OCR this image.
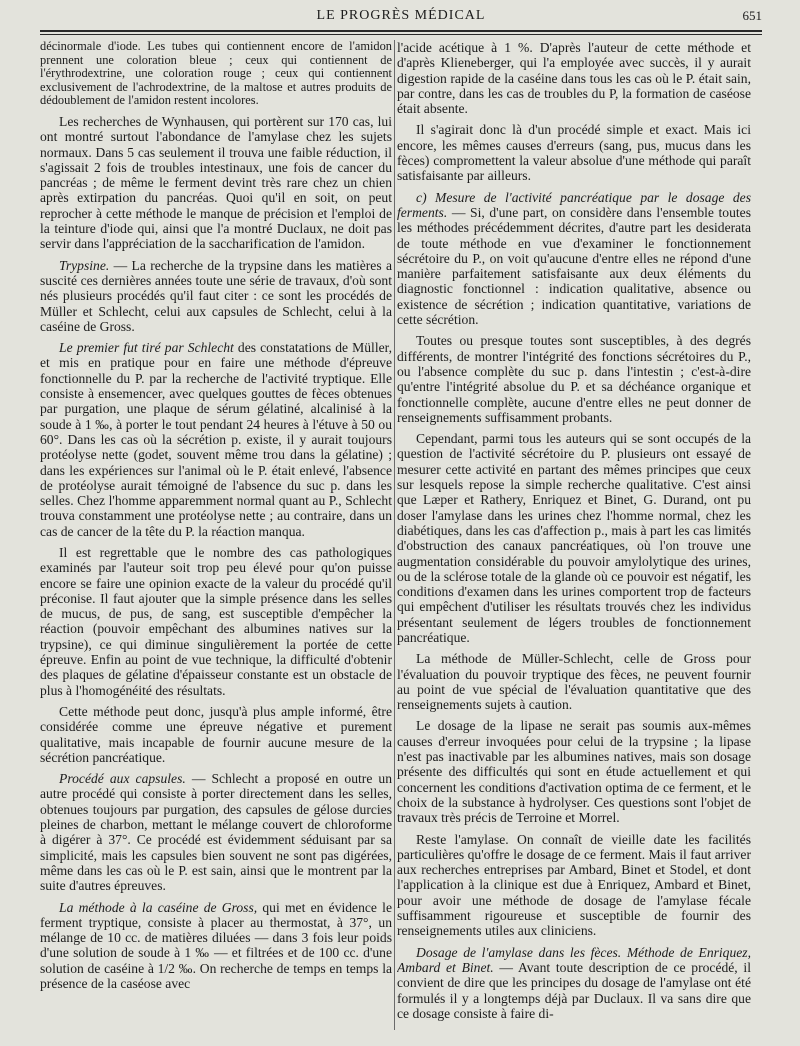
LE PROGRÈS MÉDICAL	651

décinormale d'iode. Les tubes qui contiennent encore de l'amidon prennent une coloration bleue ; ceux qui contiennent de l'érythrodextrine, une coloration rouge ; ceux qui contiennent exclusivement de l'achrodextrine, de la maltose et autres produits de dédoublement de l'amidon restent incolores.

Les recherches de Wynhausen, qui portèrent sur 170 cas, lui ont montré surtout l'abondance de l'amylase chez les sujets normaux. Dans 5 cas seulement il trouva une faible réduction, il s'agissait 2 fois de troubles intestinaux, une fois de cancer du pancréas ; de même le ferment devint très rare chez un chien après extirpation du pancréas. Quoi qu'il en soit, on peut reprocher à cette méthode le manque de précision et l'emploi de la teinture d'iode qui, ainsi que l'a montré Duclaux, ne doit pas servir dans l'appréciation de la saccharification de l'amidon.

Trypsine. — La recherche de la trypsine dans les matières a suscité ces dernières années toute une série de travaux, d'où sont nés plusieurs procédés qu'il faut citer : ce sont les procédés de Müller et Schlecht, celui aux capsules de Schlecht, celui à la caséine de Gross.

Le premier fut tiré par Schlecht des constatations de Müller, et mis en pratique pour en faire une méthode d'épreuve fonctionnelle du P. par la recherche de l'activité tryptique. Elle consiste à ensemencer, avec quelques gouttes de fèces obtenues par purgation, une plaque de sérum gélatiné, alcalinisé à la soude à 1 ‰, à porter le tout pendant 24 heures à l'étuve à 50 ou 60°. Dans les cas où la sécrétion p. existe, il y aurait toujours protéolyse nette (godet, souvent même trou dans la gélatine) ; dans les expériences sur l'animal où le P. était enlevé, l'absence de protéolyse aurait témoigné de l'absence du suc p. dans les selles. Chez l'homme apparemment normal quant au P., Schlecht trouva constamment une protéolyse nette ; au contraire, dans un cas de cancer de la tête du P. la réaction manqua.

Il est regrettable que le nombre des cas pathologiques examinés par l'auteur soit trop peu élevé pour qu'on puisse encore se faire une opinion exacte de la valeur du procédé qu'il préconise. Il faut ajouter que la simple présence dans les selles de mucus, de pus, de sang, est susceptible d'empêcher la réaction (pouvoir empêchant des albumines natives sur la trypsine), ce qui diminue singulièrement la portée de cette épreuve. Enfin au point de vue technique, la difficulté d'obtenir des plaques de gélatine d'épaisseur constante est un obstacle de plus à l'homogénéité des résultats.

Cette méthode peut donc, jusqu'à plus ample informé, être considérée comme une épreuve négative et purement qualitative, mais incapable de fournir aucune mesure de la sécrétion pancréatique.

Procédé aux capsules. — Schlecht a proposé en outre un autre procédé qui consiste à porter directement dans les selles, obtenues toujours par purgation, des capsules de gélose durcies pleines de charbon, mettant le mélange couvert de chloroforme à digérer à 37°. Ce procédé est évidemment séduisant par sa simplicité, mais les capsules bien souvent ne sont pas digérées, même dans les cas où le P. est sain, ainsi que le montrent par la suite d'autres épreuves.

La méthode à la caséine de Gross, qui met en évidence le ferment tryptique, consiste à placer au thermostat, à 37°, un mélange de 10 cc. de matières diluées — dans 3 fois leur poids d'une solution de soude à 1 ‰ — et filtrées et de 100 cc. d'une solution de caséine à 1/2 ‰. On recherche de temps en temps la présence de la caséose avec

l'acide acétique à 1 %. D'après l'auteur de cette méthode et d'après Klieneberger, qui l'a employée avec succès, il y aurait digestion rapide de la caséine dans tous les cas où le P. était sain, par contre, dans les cas de troubles du P, la formation de caséose était absente.

Il s'agirait donc là d'un procédé simple et exact. Mais ici encore, les mêmes causes d'erreurs (sang, pus, mucus dans les fèces) compromettent la valeur absolue d'une méthode qui paraît satisfaisante par ailleurs.

c) Mesure de l'activité pancréatique par le dosage des ferments. — Si, d'une part, on considère dans l'ensemble toutes les méthodes précédemment décrites, d'autre part les desiderata de toute méthode en vue d'examiner le fonctionnement sécrétoire du P., on voit qu'aucune d'entre elles ne répond d'une manière parfaitement satisfaisante aux deux éléments du diagnostic fonctionnel : indication qualitative, absence ou existence de sécrétion ; indication quantitative, variations de cette sécrétion.

Toutes ou presque toutes sont susceptibles, à des degrés différents, de montrer l'intégrité des fonctions sécrétoires du P., ou l'absence complète du suc p. dans l'intestin ; c'est-à-dire qu'entre l'intégrité absolue du P. et sa déchéance organique et fonctionnelle complète, aucune d'entre elles ne peut donner de renseignements suffisamment probants.

Cependant, parmi tous les auteurs qui se sont occupés de la question de l'activité sécrétoire du P. plusieurs ont essayé de mesurer cette activité en partant des mêmes principes que ceux sur lesquels repose la simple recherche qualitative. C'est ainsi que Læper et Rathery, Enriquez et Binet, G. Durand, ont pu doser l'amylase dans les urines chez l'homme normal, chez les diabétiques, dans les cas d'affection p., mais à part les cas limités d'obstruction des canaux pancréatiques, où l'on trouve une augmentation considérable du pouvoir amylolytique des urines, ou de la sclérose totale de la glande où ce pouvoir est négatif, les conditions d'examen dans les urines comportent trop de facteurs qui empêchent d'utiliser les résultats trouvés chez les individus présentant seulement de légers troubles de fonctionnement pancréatique.

La méthode de Müller-Schlecht, celle de Gross pour l'évaluation du pouvoir tryptique des fèces, ne peuvent fournir au point de vue spécial de l'évaluation quantitative que des renseignements sujets à caution.

Le dosage de la lipase ne serait pas soumis aux-mêmes causes d'erreur invoquées pour celui de la trypsine ; la lipase n'est pas inactivable par les albumines natives, mais son dosage présente des difficultés qui sont en étude actuellement et qui concernent les conditions d'activation optima de ce ferment, et le choix de la substance à hydrolyser. Ces questions sont l'objet de travaux très précis de Terroine et Morrel.

Reste l'amylase. On connaît de vieille date les facilités particulières qu'offre le dosage de ce ferment. Mais il faut arriver aux recherches entreprises par Ambard, Binet et Stodel, et dont l'application à la clinique est due à Enriquez, Ambard et Binet, pour avoir une méthode de dosage de l'amylase fécale suffisamment rigoureuse et susceptible de fournir des renseignements utiles aux cliniciens.

Dosage de l'amylase dans les fèces. Méthode de Enriquez, Ambard et Binet. — Avant toute description de ce procédé, il convient de dire que les principes du dosage de l'amylase ont été formulés il y a longtemps déjà par Duclaux. Il va sans dire que ce dosage consiste à faire di-
